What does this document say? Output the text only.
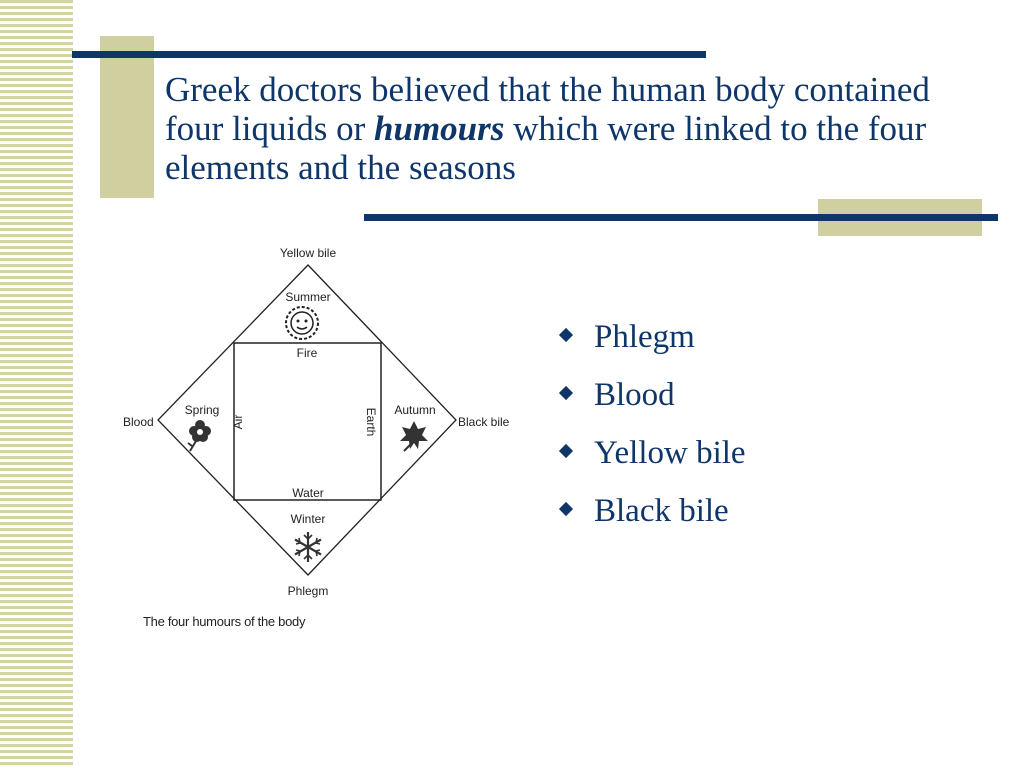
Greek doctors believed that the human body contained four liquids or humours which were linked to the four elements and the seasons
Yellow bile
Blood	Black bile
Phlegm
Summer
Spring	Autumn
Winter
Fire
Air	Earth
Water
The four humours of the body
Phlegm
Blood
Yellow bile
Black bile
